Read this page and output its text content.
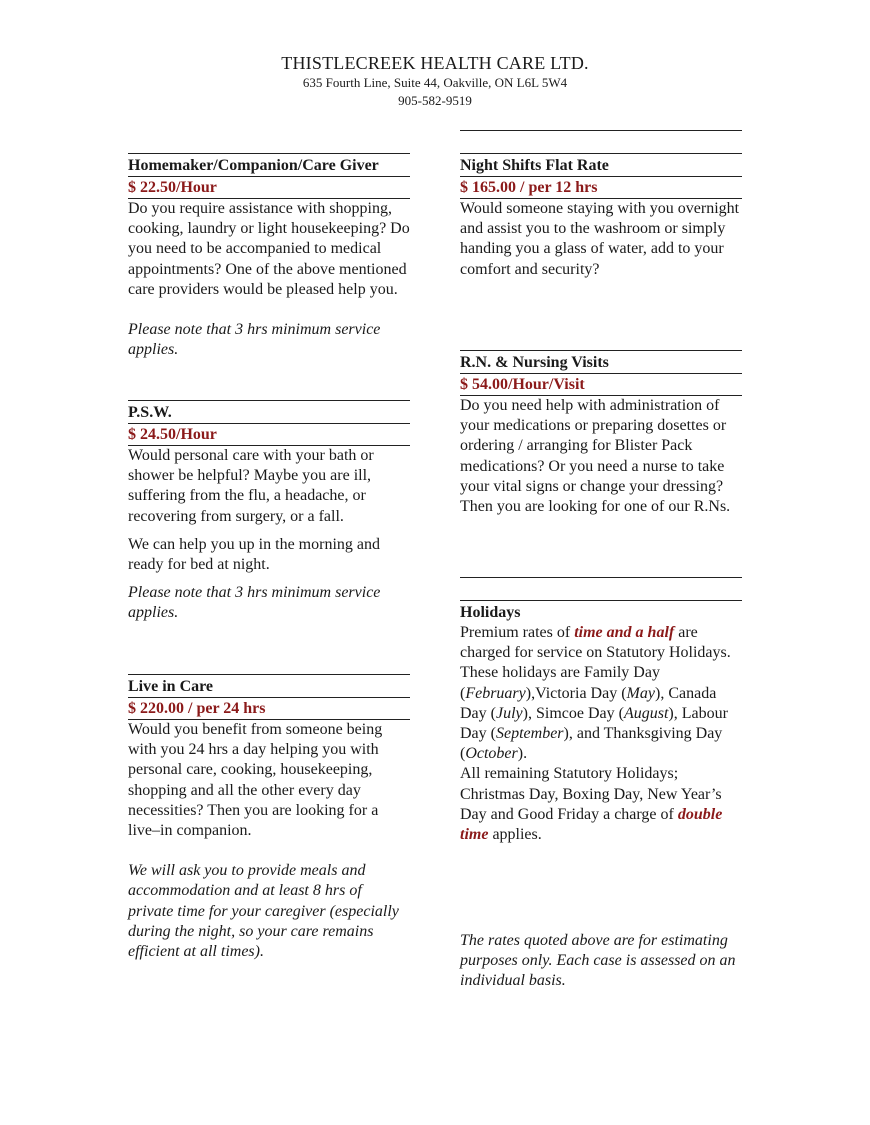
THISTLECREEK HEALTH CARE LTD.
635 Fourth Line, Suite 44, Oakville, ON L6L 5W4
905-582-9519
Homemaker/Companion/Care Giver
$ 22.50/Hour

Do you require assistance with shopping, cooking, laundry or light housekeeping? Do you need to be accompanied to medical appointments? One of the above mentioned care providers would be pleased help you.

Please note that 3 hrs minimum service applies.

P.S.W.
$ 24.50/Hour

Would personal care with your bath or shower be helpful? Maybe you are ill, suffering from the flu, a headache, or recovering from surgery, or a fall.

We can help you up in the morning and ready for bed at night.

Please note that 3 hrs minimum service applies.

Live in Care
$ 220.00 / per 24 hrs

Would you benefit from someone being with you 24 hrs a day helping you with personal care, cooking, housekeeping, shopping and all the other every day necessities? Then you are looking for a live–in companion.

We will ask you to provide meals and accommodation and at least 8 hrs of private time for your caregiver (especially during the night, so your care remains efficient at all times).

Night Shifts Flat Rate
$ 165.00 / per 12 hrs

Would someone staying with you overnight and assist you to the washroom or simply handing you a glass of water, add to your comfort and security?

R.N. & Nursing Visits
$ 54.00/Hour/Visit

Do you need help with administration of your medications or preparing dosettes or ordering / arranging for Blister Pack medications? Or you need a nurse to take your vital signs or change your dressing? Then you are looking for one of our R.Ns.

Holidays

Premium rates of time and a half are charged for service on Statutory Holidays.

These holidays are Family Day (February),Victoria Day (May), Canada Day (July), Simcoe Day (August), Labour Day (September), and Thanksgiving Day (October).

All remaining Statutory Holidays; Christmas Day, Boxing Day, New Year’s Day and Good Friday a charge of double time applies.

The rates quoted above are for estimating purposes only. Each case is assessed on an individual basis.
